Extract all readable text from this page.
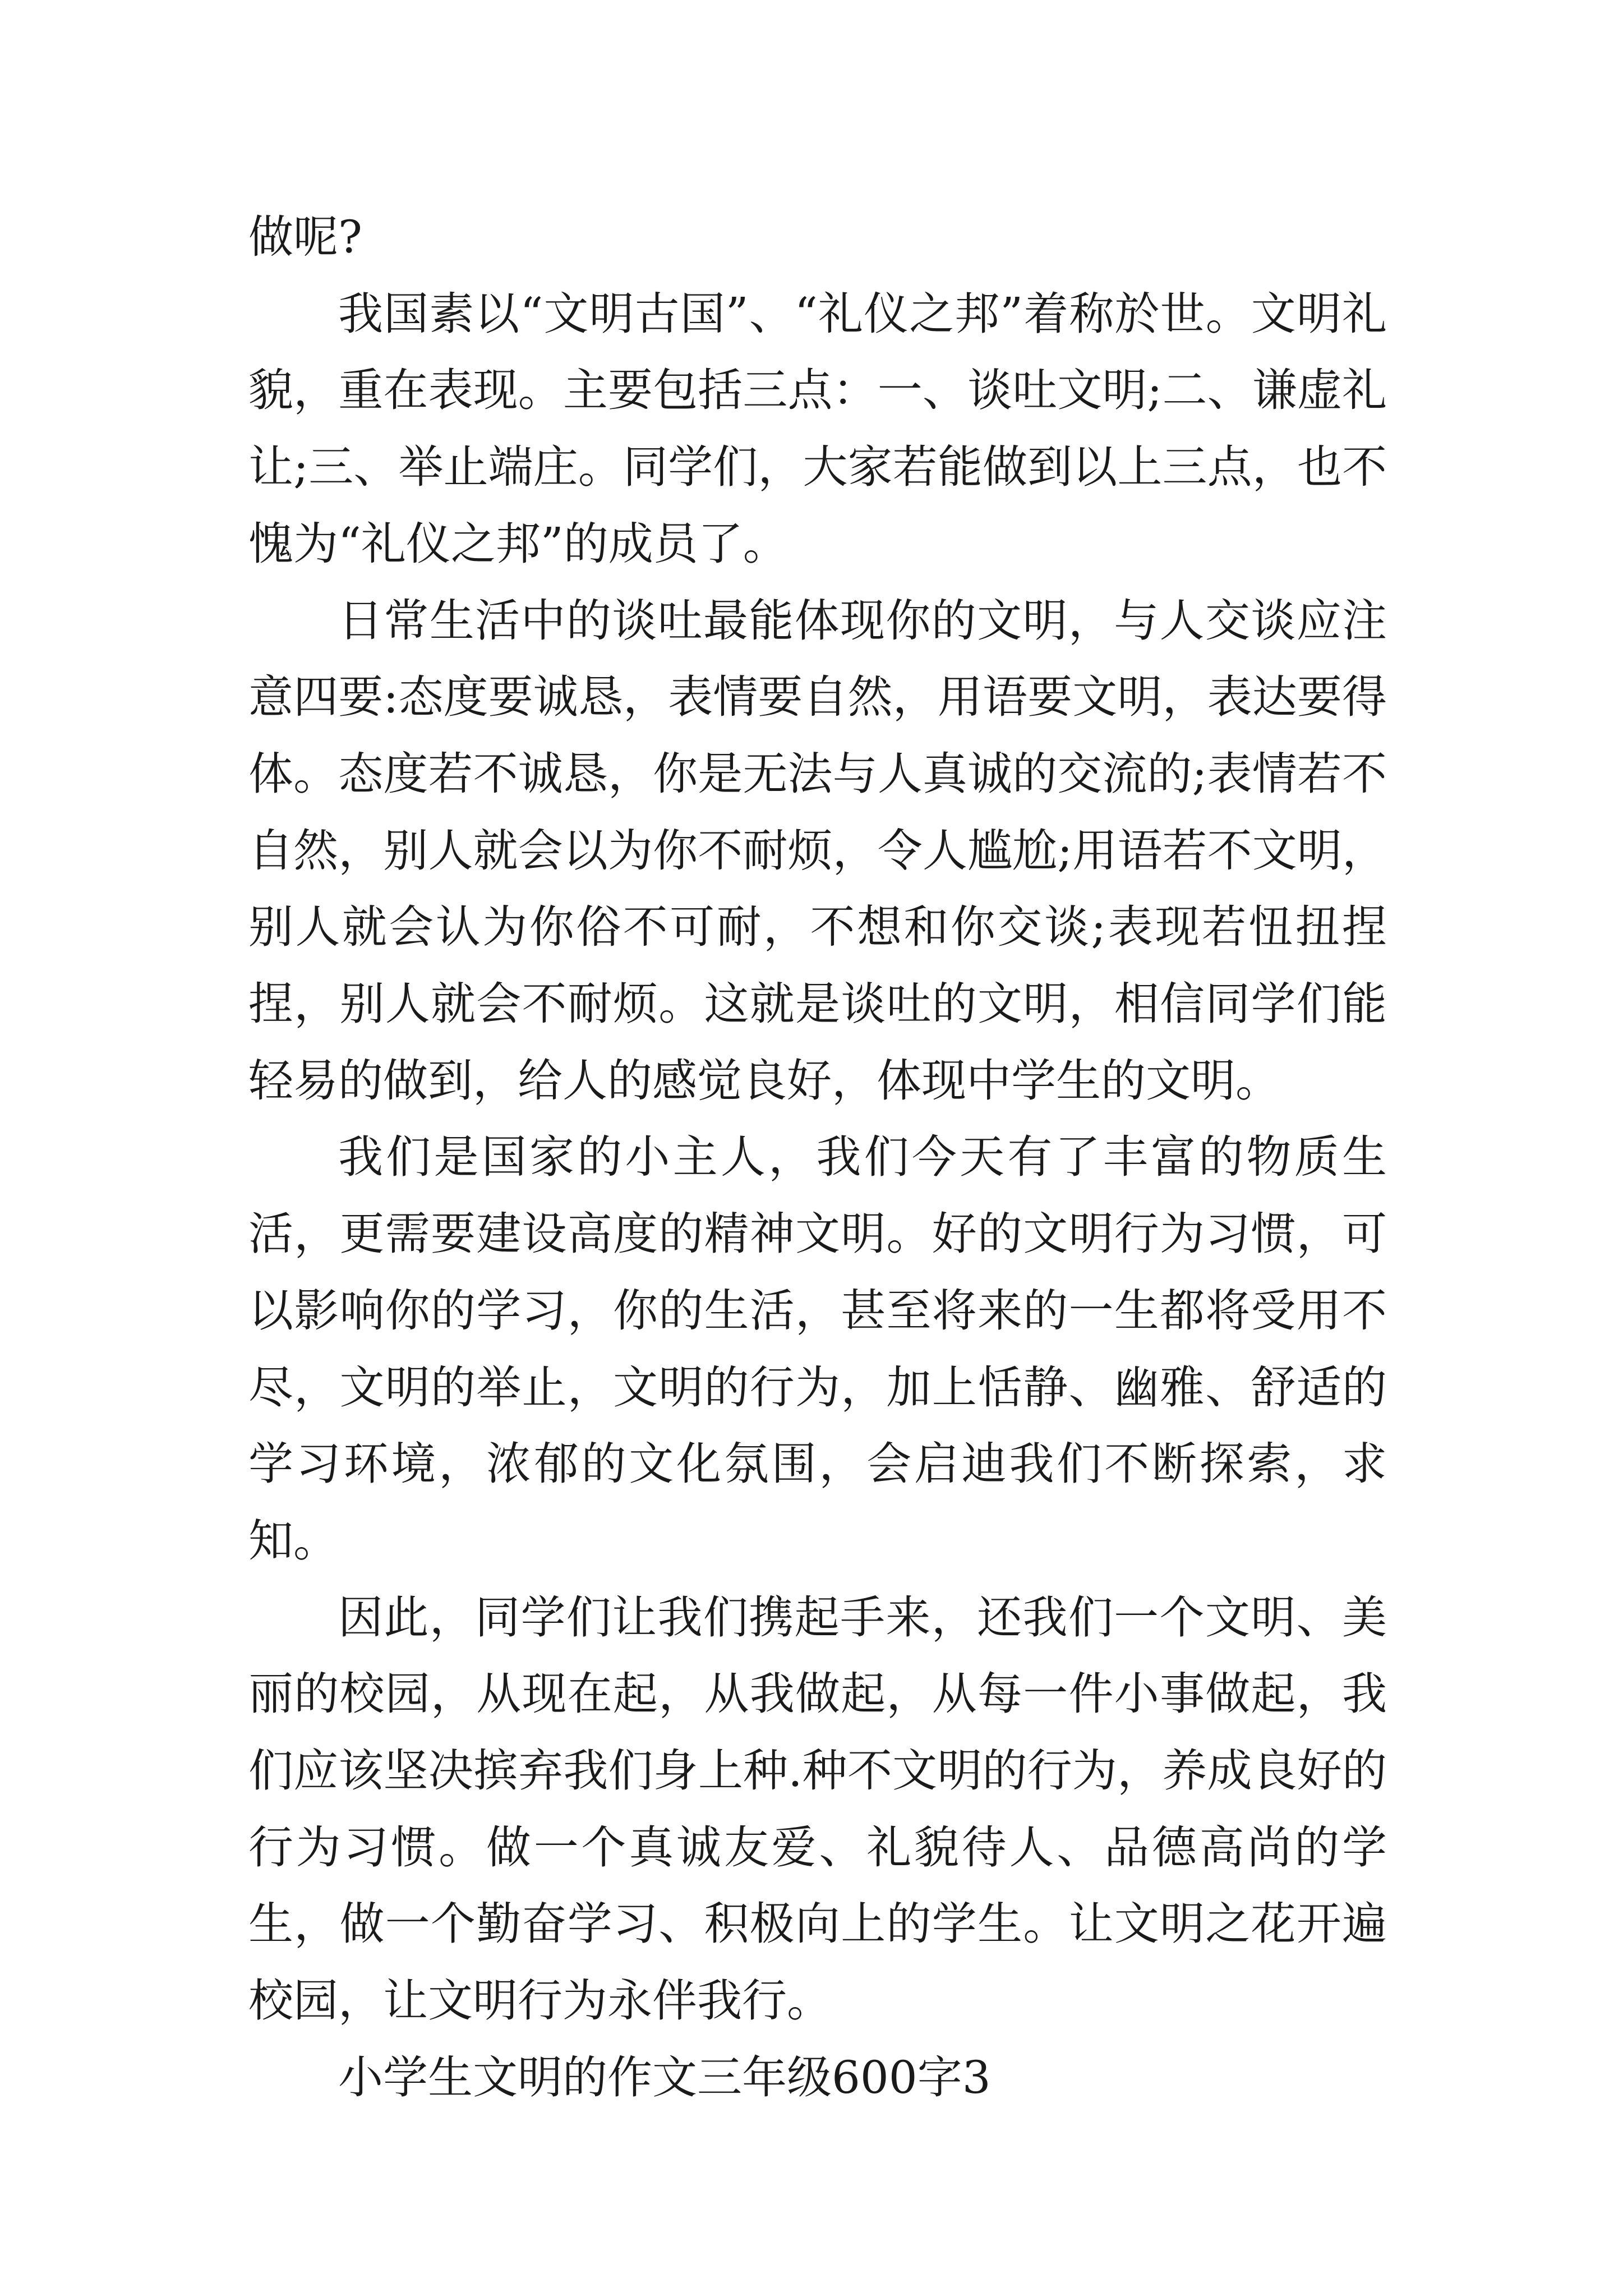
做呢?

我国素以“文明古国”、“礼仪之邦”着称於世。文明礼貌，重在表现。主要包括三点：一、谈吐文明;二、谦虚礼让;三、举止端庄。同学们，大家若能做到以上三点，也不愧为“礼仪之邦”的成员了。

日常生活中的谈吐最能体现你的文明，与人交谈应注意四要:态度要诚恳，表情要自然，用语要文明，表达要得体。态度若不诚恳，你是无法与人真诚的交流的;表情若不自然，别人就会以为你不耐烦，令人尴尬;用语若不文明，别人就会认为你俗不可耐，不想和你交谈;表现若忸扭捏捏，别人就会不耐烦。这就是谈吐的文明，相信同学们能轻易的做到，给人的感觉良好，体现中学生的文明。

我们是国家的小主人，我们今天有了丰富的物质生活，更需要建设高度的精神文明。好的文明行为习惯，可以影响你的学习，你的生活，甚至将来的一生都将受用不尽，文明的举止，文明的行为，加上恬静、幽雅、舒适的学习环境，浓郁的文化氛围，会启迪我们不断探索，求知。

因此，同学们让我们携起手来，还我们一个文明、美丽的校园，从现在起，从我做起，从每一件小事做起，我们应该坚决摈弃我们身上种.种不文明的行为，养成良好的行为习惯。做一个真诚友爱、礼貌待人、品德高尚的学生，做一个勤奋学习、积极向上的学生。让文明之花开遍校园，让文明行为永伴我行。

小学生文明的作文三年级600字3
